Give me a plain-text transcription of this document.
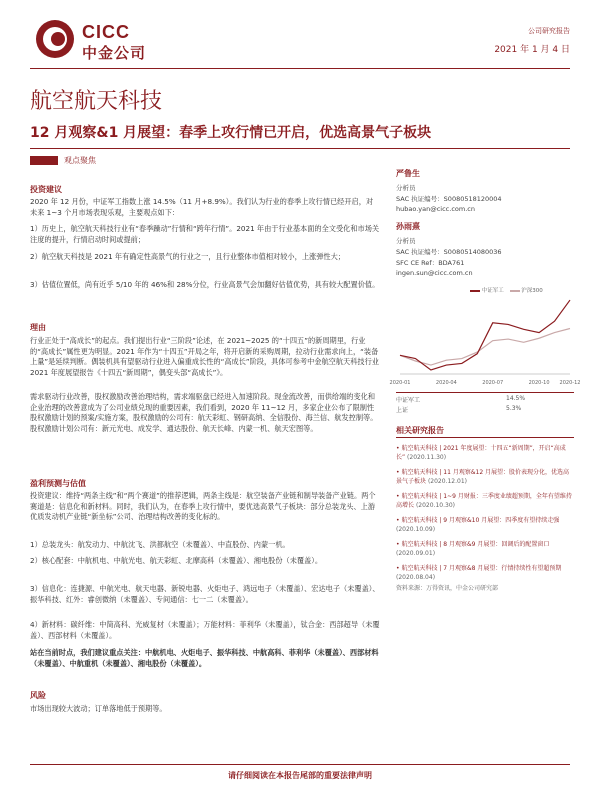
CICC
中金公司
公司研究报告
2021 年 1 月 4 日
航空航天科技
12 月观察&1 月展望：春季上攻行情已开启，优选高景气子板块
观点聚焦
投资建议
2020 年 12 月份，中证军工指数上涨 14.5%（11 月+8.9%）。我们认为行业的春季上攻行情已经开启，对未来 1~3 个月市场表现乐观，主要观点如下：
1）历史上，航空航天科技行业有“春季躁动”行情和“跨年行情”。2021 年由于行业基本面的全文受化和市场关注度的提升，行情启动时间或提前；
2）航空航天科技是 2021 年有确定性高景气的行业之一，且行业整体市值相对较小，上涨弹性大；
3）估值位置低，尚有近乎 5/10 年的 46%和 28%分位，行业高景气会加翻好估值优势，具有较大配置价值。
理由
行业正处于“高成长”的起点。我们提出行业“三阶段”论述，在 2021~2025 的“十四五”的新周期里，行业的“高成长”属性更为明显。2021 年作为“十四五”开局之年，将开启新的采购周期，拉动行业需求向上，“装备上量”是延续判断。偶装机具有望驱动行业进入偏重成长性的“高成长”阶段，具体可参考中金航空航天科技行业 2021 年度展望报告《十四五“新周期”，偶变头部“高成长”》。
需求驱动行业改善，股权激励改善治理结构，需求端驱盘已经进入加速阶段。现金流改善，而供给端的变化和企业治理的改善意成为了公司业绩兑现的重要因素，我们看到，2020 年 11~12 月，多家企业公布了限制性股权激励计划的预案/实施方案，股权激励的公司有：航天彩虹、钢研高纳、全信股份、海兰信、航发控制等。股权激励计划公司有：新元光电、成发学、通达股份、航天长峰、内蒙一机、航天宏图等。
盈利预测与估值
投资建议：维持“两条主线”和“两个赛道”的推荐逻辑，两条主线是：航空装备产业链和制导装备产业链。两个赛道是：信息化和新材料。同时，我们认为，在春季上攻行情中，要优选高景气子板块：部分总装龙头、上游优质发动机产业链“新坐标”公司、治理结构改善的变化标的。
1）总装龙头：航发动力、中航沈飞、洪都航空（未覆盖）、中直股份、内蒙一机。
2）核心配套：中航机电、中航光电、航天彩虹、北摩高科（未覆盖）、湘电股份（未覆盖）。
3）信息化：连捷源、中航光电、航天电器、新锐电器、火炬电子、鸿远电子（未覆盖）、宏达电子（未覆盖）、振华科技、红外：睿创微纳（未覆盖）、专间通信：七一二（未覆盖）。
4）新材料：碳纤维：中简高科、光威复材（未覆盖）；万能材料：菲利华（未覆盖），钛合金：西部超导（未覆盖）、西部材料（未覆盖）。
站在当前时点，我们建议重点关注：中航机电、火炬电子、振华科技、中航高科、菲利华（未覆盖）、西部材料（未覆盖）、中航重机（未覆盖）、湘电股份（未覆盖）。
风险
市场出现较大波动；订单落地低于预期等。
严鲁生
分析员
SAC 执证编号：S0080518120004
hubao.yan@cicc.com.cn
孙雨熹
分析员
SAC 执证编号：S0080514080036
SFC CE Ref：BDA761
ingen.sun@cicc.com.cn
中证军工	沪深300
2020-01	2020-04	2020-07	2020-10 2020-12
中证军工	14.5%
上证	5.3%
相关研究报告
• 航空航天科技 | 2021 年度展望：十四五“新周期”，开启“高成长” (2020.11.30)
• 航空航天科技 | 11 月观察&12 月展望：股价表现分化，优选高景气子板块 (2020.12.01)
• 航空航天科技 | 1~9 月财报：三季度业绩超预期，全年有望维持高增长 (2020.10.30)
• 航空航天科技 | 9 月观察&10 月展望：四季度有望持续走强 (2020.10.09)
• 航空航天科技 | 8 月观察&9 月展望：回调后的配置窗口 (2020.09.01)
• 航空航天科技 | 7 月观察&8 月展望：行情持续性有望超预期 (2020.08.04)
资料来源：万得资讯，中金公司研究部
请仔细阅读在本报告尾部的重要法律声明
